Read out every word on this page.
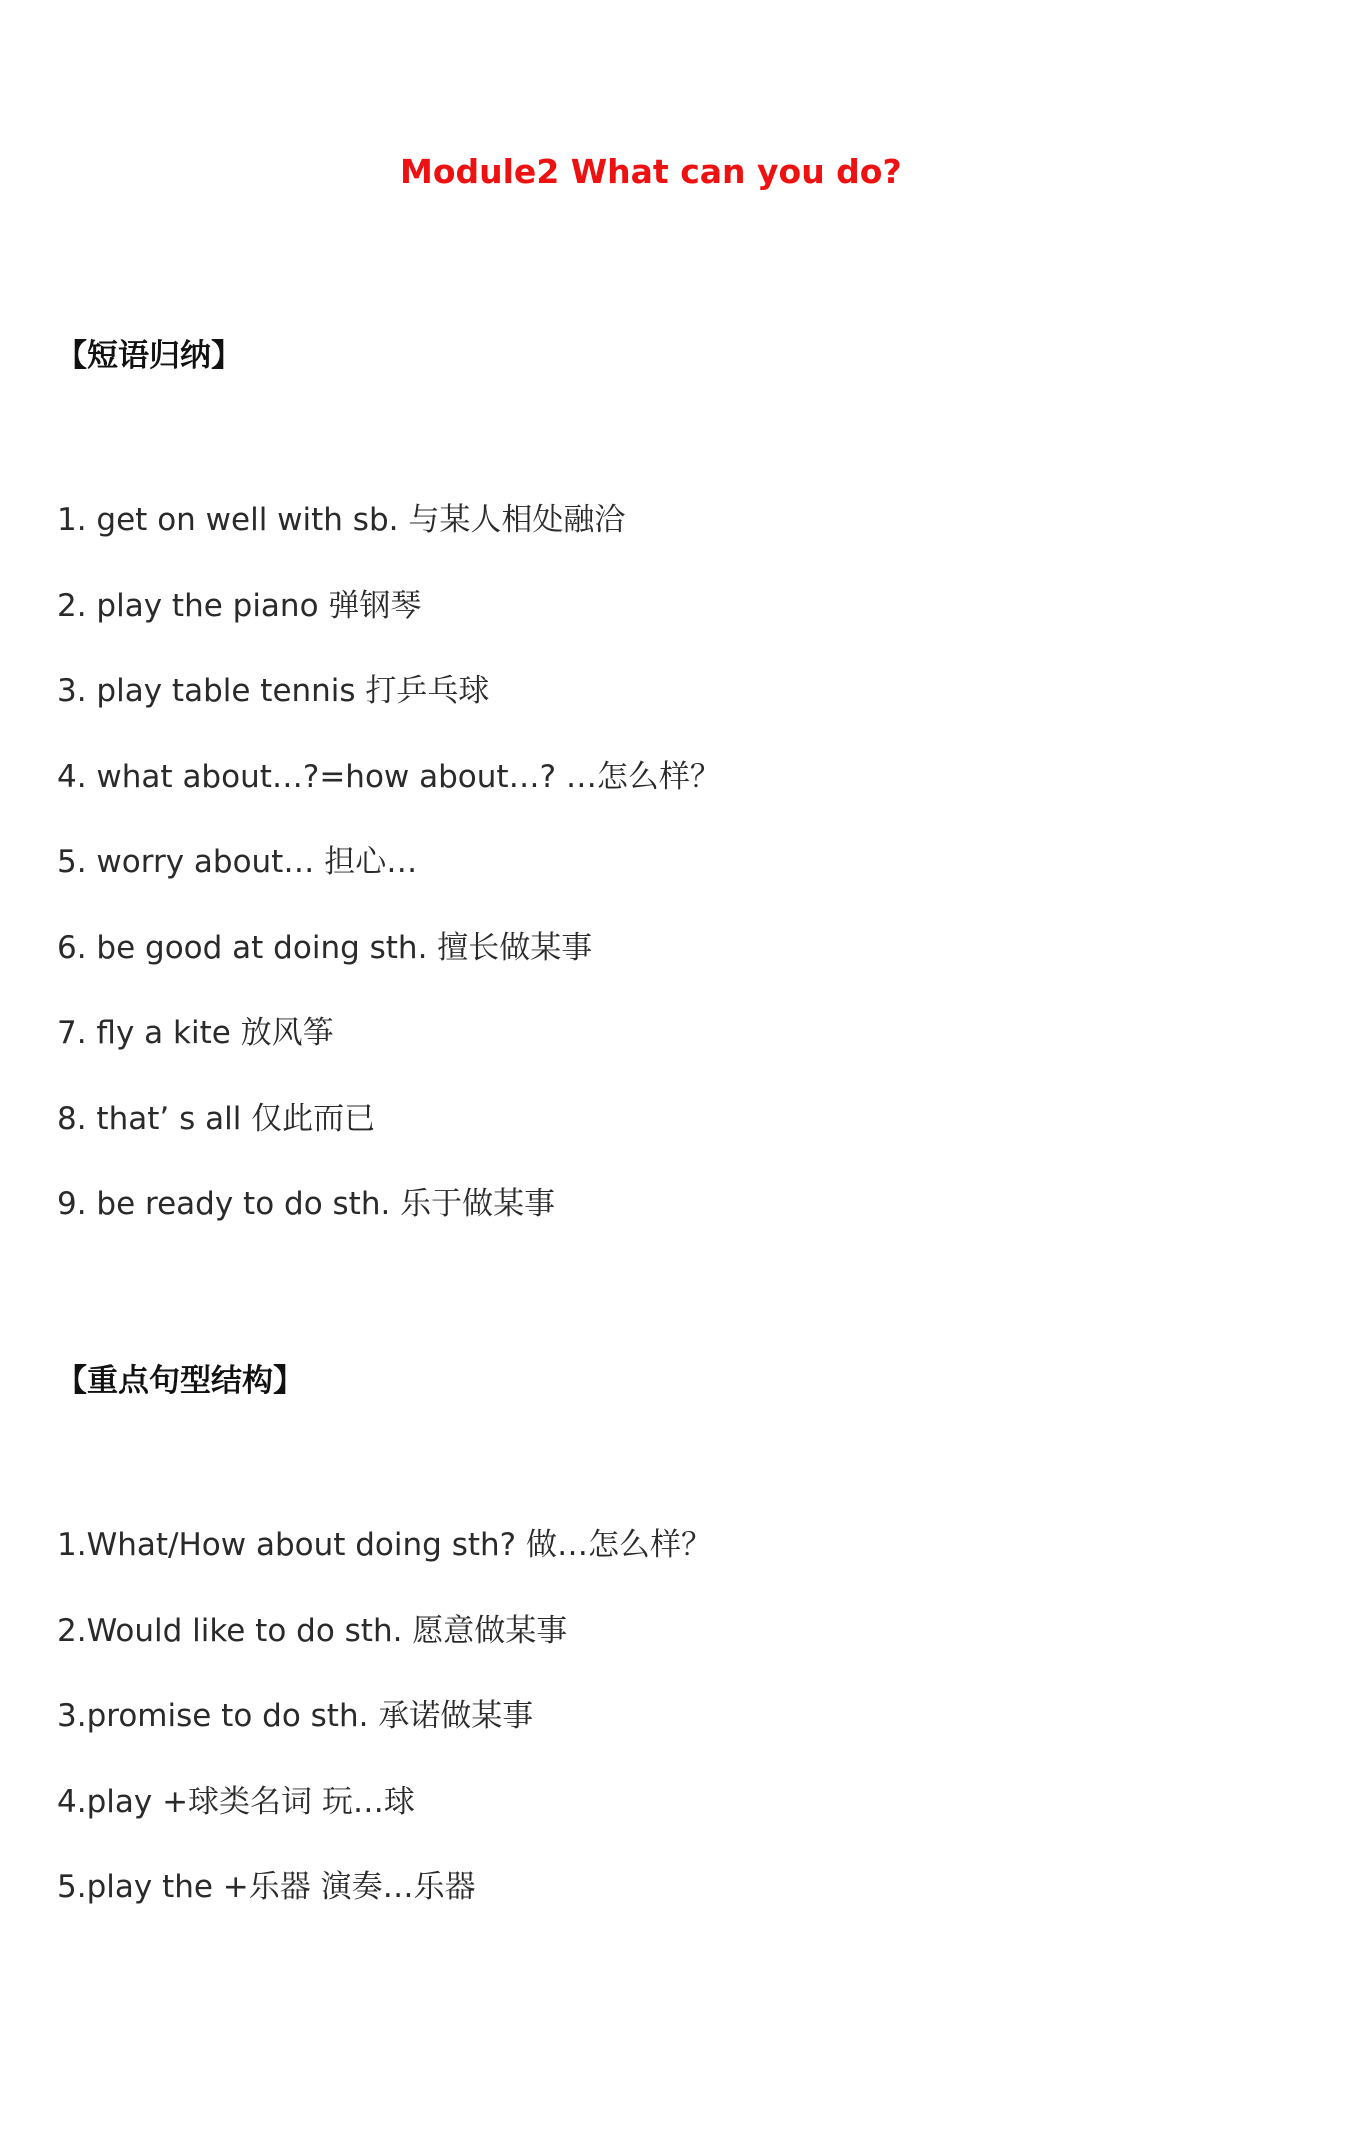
Module2 What can you do?
【短语归纳】
1. get on well with sb. 与某人相处融洽
2. play the piano 弹钢琴
3. play table tennis 打乒乓球
4. what about…?=how about…? …怎么样？
5. worry about… 担心…
6. be good at doing sth. 擅长做某事
7. fly a kite 放风筝
8. that’ s all 仅此而已
9. be ready to do sth. 乐于做某事
【重点句型结构】
1.What/How about doing sth? 做…怎么样？
2.Would like to do sth. 愿意做某事
3.promise to do sth. 承诺做某事
4.play +球类名词 玩…球
5.play the +乐器 演奏…乐器
